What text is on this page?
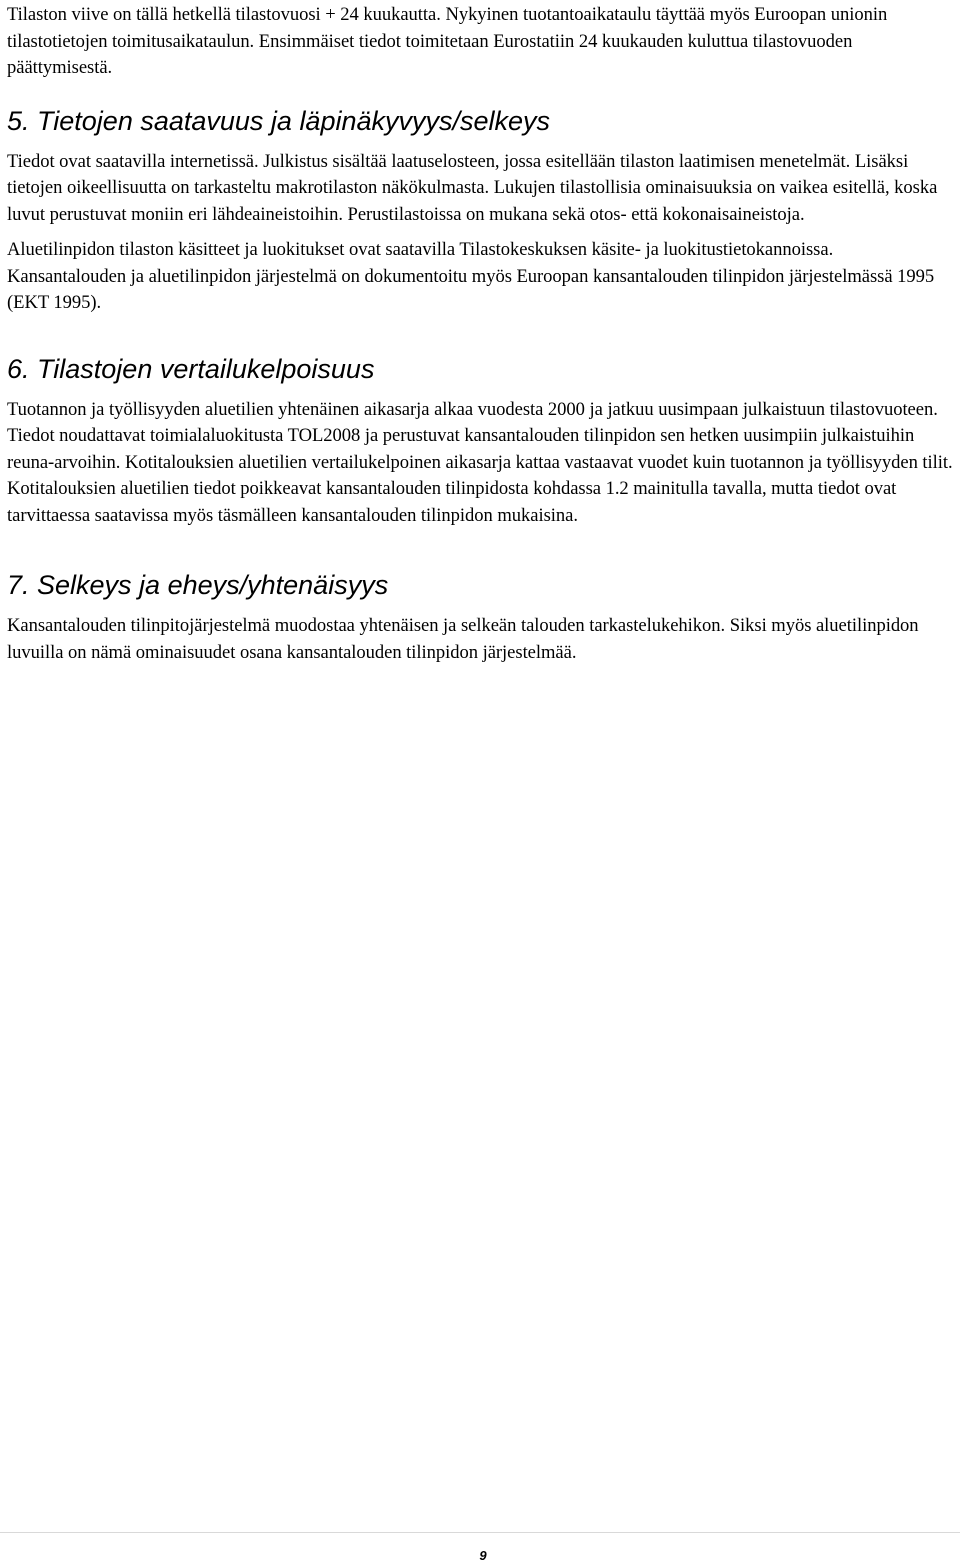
Tilaston viive on tällä hetkellä tilastovuosi + 24 kuukautta. Nykyinen tuotantoaikataulu täyttää myös Euroopan unionin tilastotietojen toimitusaikataulun. Ensimmäiset tiedot toimitetaan Eurostatiin 24 kuukauden kuluttua tilastovuoden päättymisestä.

5. Tietojen saatavuus ja läpinäkyvyys/selkeys

Tiedot ovat saatavilla internetissä. Julkistus sisältää laatuselosteen, jossa esitellään tilaston laatimisen menetelmät. Lisäksi tietojen oikeellisuutta on tarkasteltu makrotilaston näkökulmasta. Lukujen tilastollisia ominaisuuksia on vaikea esitellä, koska luvut perustuvat moniin eri lähdeaineistoihin. Perustilastoissa on mukana sekä otos- että kokonaisaineistoja.

Aluetilinpidon tilaston käsitteet ja luokitukset ovat saatavilla Tilastokeskuksen käsite- ja luokitustietokannoissa. Kansantalouden ja aluetilinpidon järjestelmä on dokumentoitu myös Euroopan kansantalouden tilinpidon järjestelmässä 1995 (EKT 1995).

6. Tilastojen vertailukelpoisuus

Tuotannon ja työllisyyden aluetilien yhtenäinen aikasarja alkaa vuodesta 2000 ja jatkuu uusimpaan julkaistuun tilastovuoteen. Tiedot noudattavat toimialaluokitusta TOL2008 ja perustuvat kansantalouden tilinpidon sen hetken uusimpiin julkaistuihin reuna-arvoihin. Kotitalouksien aluetilien vertailukelpoinen aikasarja kattaa vastaavat vuodet kuin tuotannon ja työllisyyden tilit. Kotitalouksien aluetilien tiedot poikkeavat kansantalouden tilinpidosta kohdassa 1.2 mainitulla tavalla, mutta tiedot ovat tarvittaessa saatavissa myös täsmälleen kansantalouden tilinpidon mukaisina.

7. Selkeys ja eheys/yhtenäisyys

Kansantalouden tilinpitojärjestelmä muodostaa yhtenäisen ja selkeän talouden tarkastelukehikon. Siksi myös aluetilinpidon luvuilla on nämä ominaisuudet osana kansantalouden tilinpidon järjestelmää.

9
